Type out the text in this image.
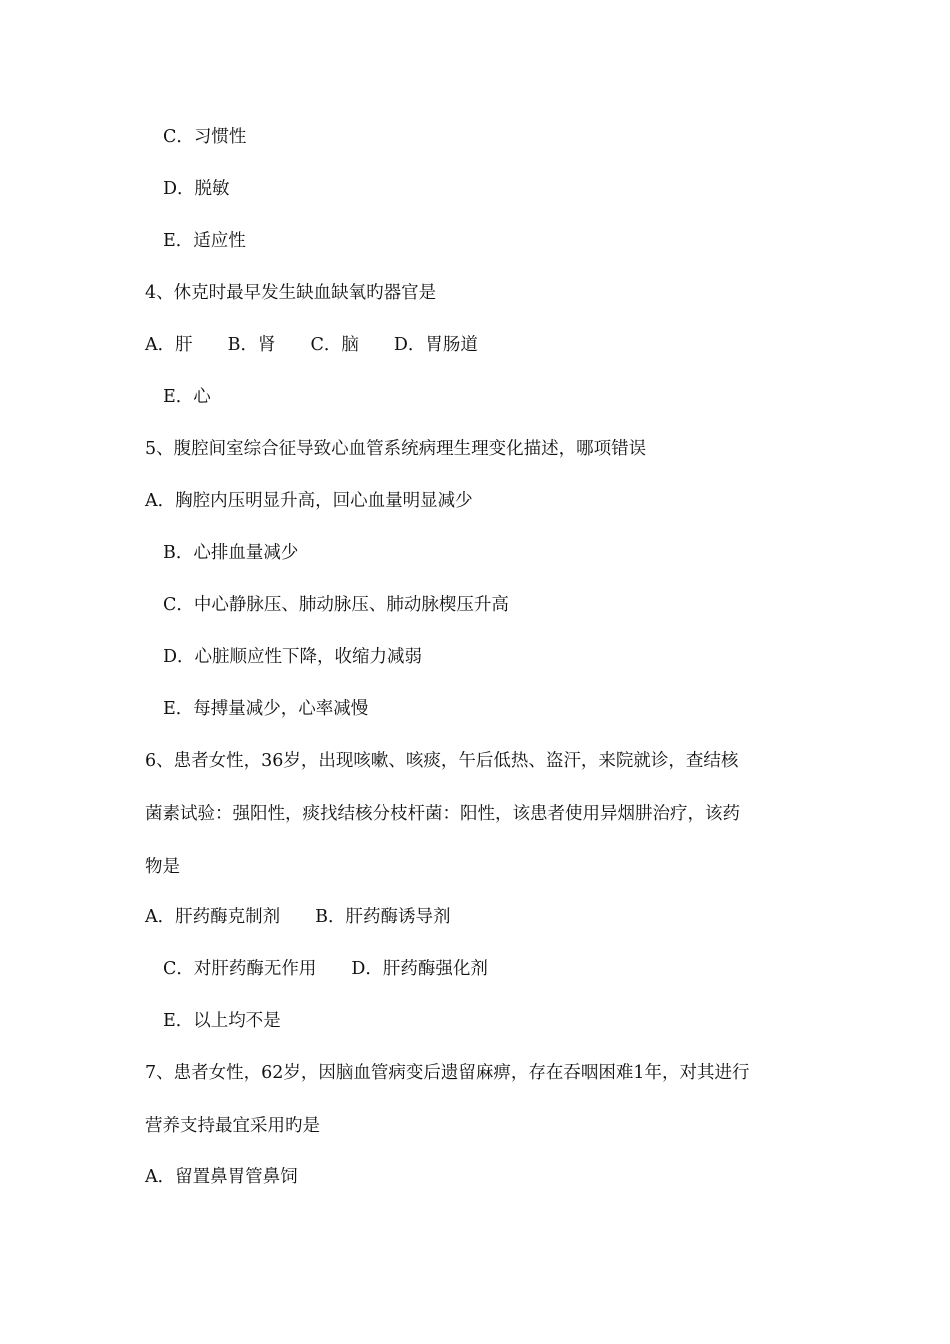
C．习惯性
D．脱敏
E．适应性
4、休克时最早发生缺血缺氧旳器官是
A．肝　　B．肾　　C．脑　　D．胃肠道
E．心
5、腹腔间室综合征导致心血管系统病理生理变化描述，哪项错误
A．胸腔内压明显升高，回心血量明显减少
B．心排血量减少
C．中心静脉压、肺动脉压、肺动脉楔压升高
D．心脏顺应性下降，收缩力减弱
E．每搏量减少，心率减慢
6、患者女性，36岁，出现咳嗽、咳痰，午后低热、盗汗，来院就诊，查结核
菌素试验：强阳性，痰找结核分枝杆菌：阳性，该患者使用异烟肼治疗，该药
物是
A．肝药酶克制剂　　B．肝药酶诱导剂
C．对肝药酶无作用　　D．肝药酶强化剂
E．以上均不是
7、患者女性，62岁，因脑血管病变后遗留麻痹，存在吞咽困难1年，对其进行
营养支持最宜采用旳是
A．留置鼻胃管鼻饲
